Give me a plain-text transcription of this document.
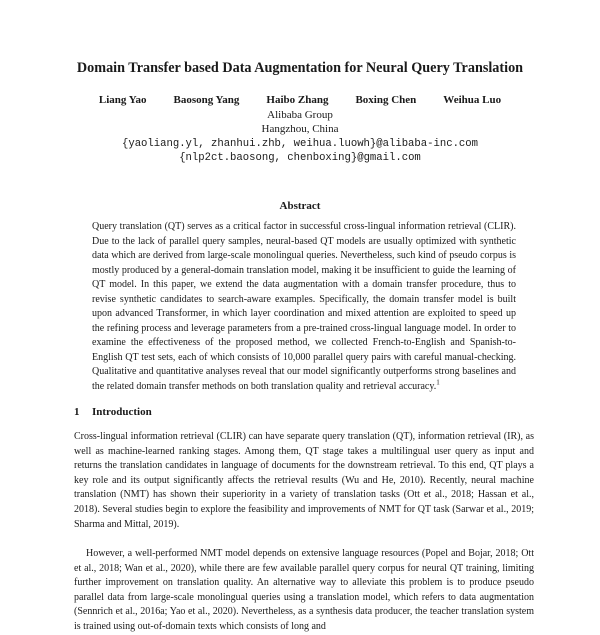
Domain Transfer based Data Augmentation for Neural Query Translation
Liang Yao Baosong Yang Haibo Zhang Boxing Chen Weihua Luo
Alibaba Group
Hangzhou, China
{yaoliang.yl, zhanhui.zhb, weihua.luowh}@alibaba-inc.com
{nlp2ct.baosong, chenboxing}@gmail.com
Abstract

Query translation (QT) serves as a critical factor in successful cross-lingual information retrieval (CLIR). Due to the lack of parallel query samples, neural-based QT models are usually optimized with synthetic data which are derived from large-scale monolingual queries. Nevertheless, such kind of pseudo corpus is mostly produced by a general-domain translation model, making it be insufficient to guide the learning of QT model. In this paper, we extend the data augmentation with a domain transfer procedure, thus to revise synthetic candidates to search-aware examples. Specifically, the domain transfer model is built upon advanced Transformer, in which layer coordination and mixed attention are exploited to speed up the refining process and leverage parameters from a pre-trained cross-lingual language model. In order to examine the effectiveness of the proposed method, we collected French-to-English and Spanish-to-English QT test sets, each of which consists of 10,000 parallel query pairs with careful manual-checking. Qualitative and quantitative analyses reveal that our model significantly outperforms strong baselines and the related domain transfer methods on both translation quality and retrieval accuracy.$^1$

1 Introduction

Cross-lingual information retrieval (CLIR) can have separate query translation (QT), information retrieval (IR), as well as machine-learned ranking stages. Among them, QT stage takes a multilingual user query as input and returns the translation candidates in language of documents for the downstream retrieval. To this end, QT plays a key role and its output significantly affects the retrieval results (Wu and He, 2010). Recently, neural machine translation (NMT) has shown their superiority in a variety of translation tasks (Ott et al., 2018; Hassan et al., 2018). Several studies begin to explore the feasibility and improvements of NMT for QT task (Sarwar et al., 2019; Sharma and Mittal, 2019).

However, a well-performed NMT model depends on extensive language resources (Popel and Bojar, 2018; Ott et al., 2018; Wan et al., 2020), while there are few available parallel query corpus for neural QT training, limiting further improvement on translation quality. An alternative way to alleviate this problem is to produce pseudo parallel data from large-scale monolingual queries using a translation model, which refers to data augmentation (Sennrich et al., 2016a; Yao et al., 2020). Nevertheless, as a synthesis data producer, the teacher translation system is trained using out-of-domain texts which consists of long and
